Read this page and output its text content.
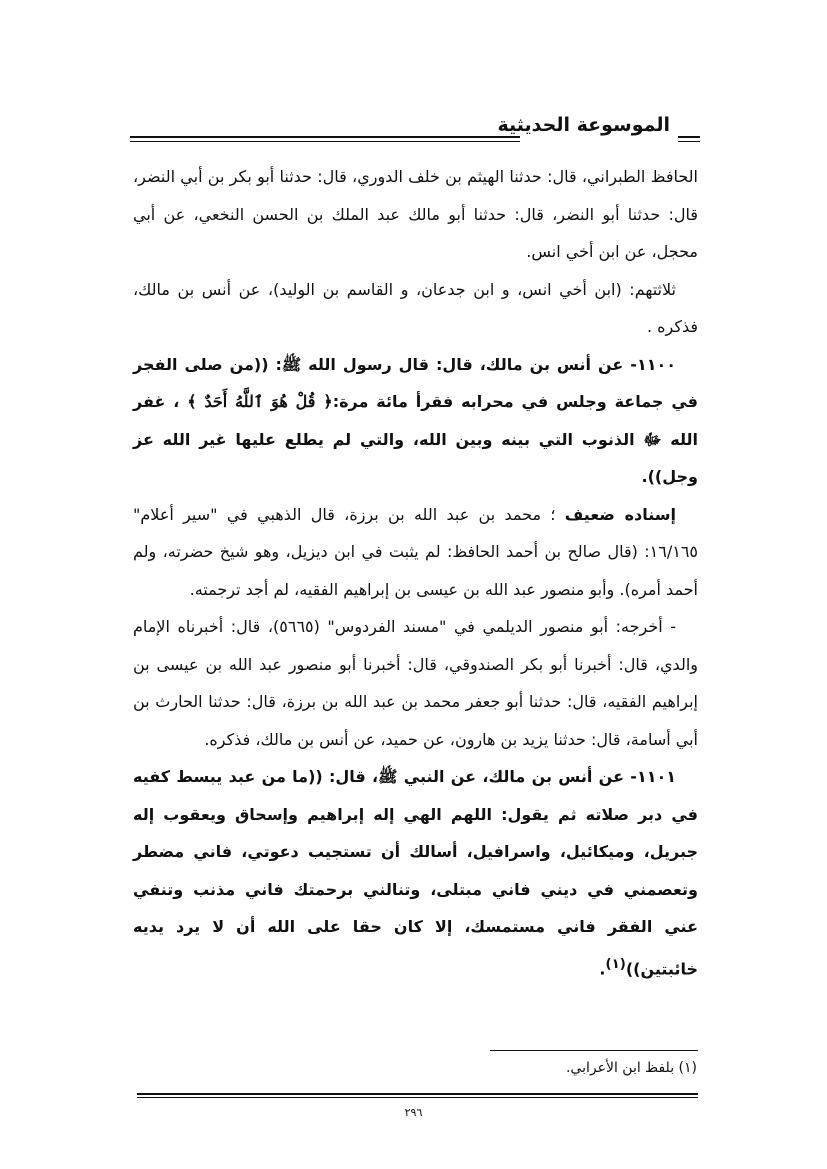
الموسوعة الحديثية

الحافظ الطبراني، قال: حدثنا الهيثم بن خلف الدوري، قال: حدثنا أبو بكر بن أبي النضر، قال: حدثنا أبو النضر، قال: حدثنا أبو مالك عبد الملك بن الحسن النخعي، عن أبي محجل، عن ابن أخي انس.

ثلاثتهم: (ابن أخي انس، و ابن جدعان، و القاسم بن الوليد)، عن أنس بن مالك، فذكره .

١١٠٠- عن أنس بن مالك، قال: قال رسول الله ﷺ: ((من صلى الفجر في جماعة وجلس في محرابه فقرأ مائة مرة:﴿ قُلْ هُوَ ٱللَّهُ أَحَدٌ ﴾ ، غفر الله ﷻ الذنوب التي بينه وبين الله، والتي لم يطلع عليها غير الله عز وجل)).

إسناده ضعيف ؛ محمد بن عبد الله بن برزة، قال الذهبي في "سير أعلام" ١٦/١٦٥: (قال صالح بن أحمد الحافظ: لم يثبت في ابن ديزيل، وهو شيخ حضرته، ولم أحمد أمره). وأبو منصور عبد الله بن عيسى بن إبراهيم الفقيه، لم أجد ترجمته.

- أخرجه: أبو منصور الديلمي في "مسند الفردوس" (٥٦٦٥)، قال: أخبرناه الإمام والدي، قال: أخبرنا أبو بكر الصندوقي، قال: أخبرنا أبو منصور عبد الله بن عيسى بن إبراهيم الفقيه، قال: حدثنا أبو جعفر محمد بن عبد الله بن برزة، قال: حدثنا الحارث بن أبي أسامة، قال: حدثنا يزيد بن هارون، عن حميد، عن أنس بن مالك، فذكره.

١١٠١- عن أنس بن مالك، عن النبي ﷺ، قال: ((ما من عبد يبسط كفيه في دبر صلاته ثم يقول: اللهم الهي إله إبراهيم وإسحاق ويعقوب إله جبريل، وميكائيل، واسرافيل، أسالك أن تستجيب دعوتي، فاني مضطر وتعصمني في ديني فاني مبتلى، وتنالني برحمتك فاني مذنب وتنفي عني الفقر فاني مستمسك، إلا كان حقا على الله أن لا يرد يديه خائبتين))$^{(١)}$.

(١) بلفظ ابن الأعرابي.
٢٩٦
